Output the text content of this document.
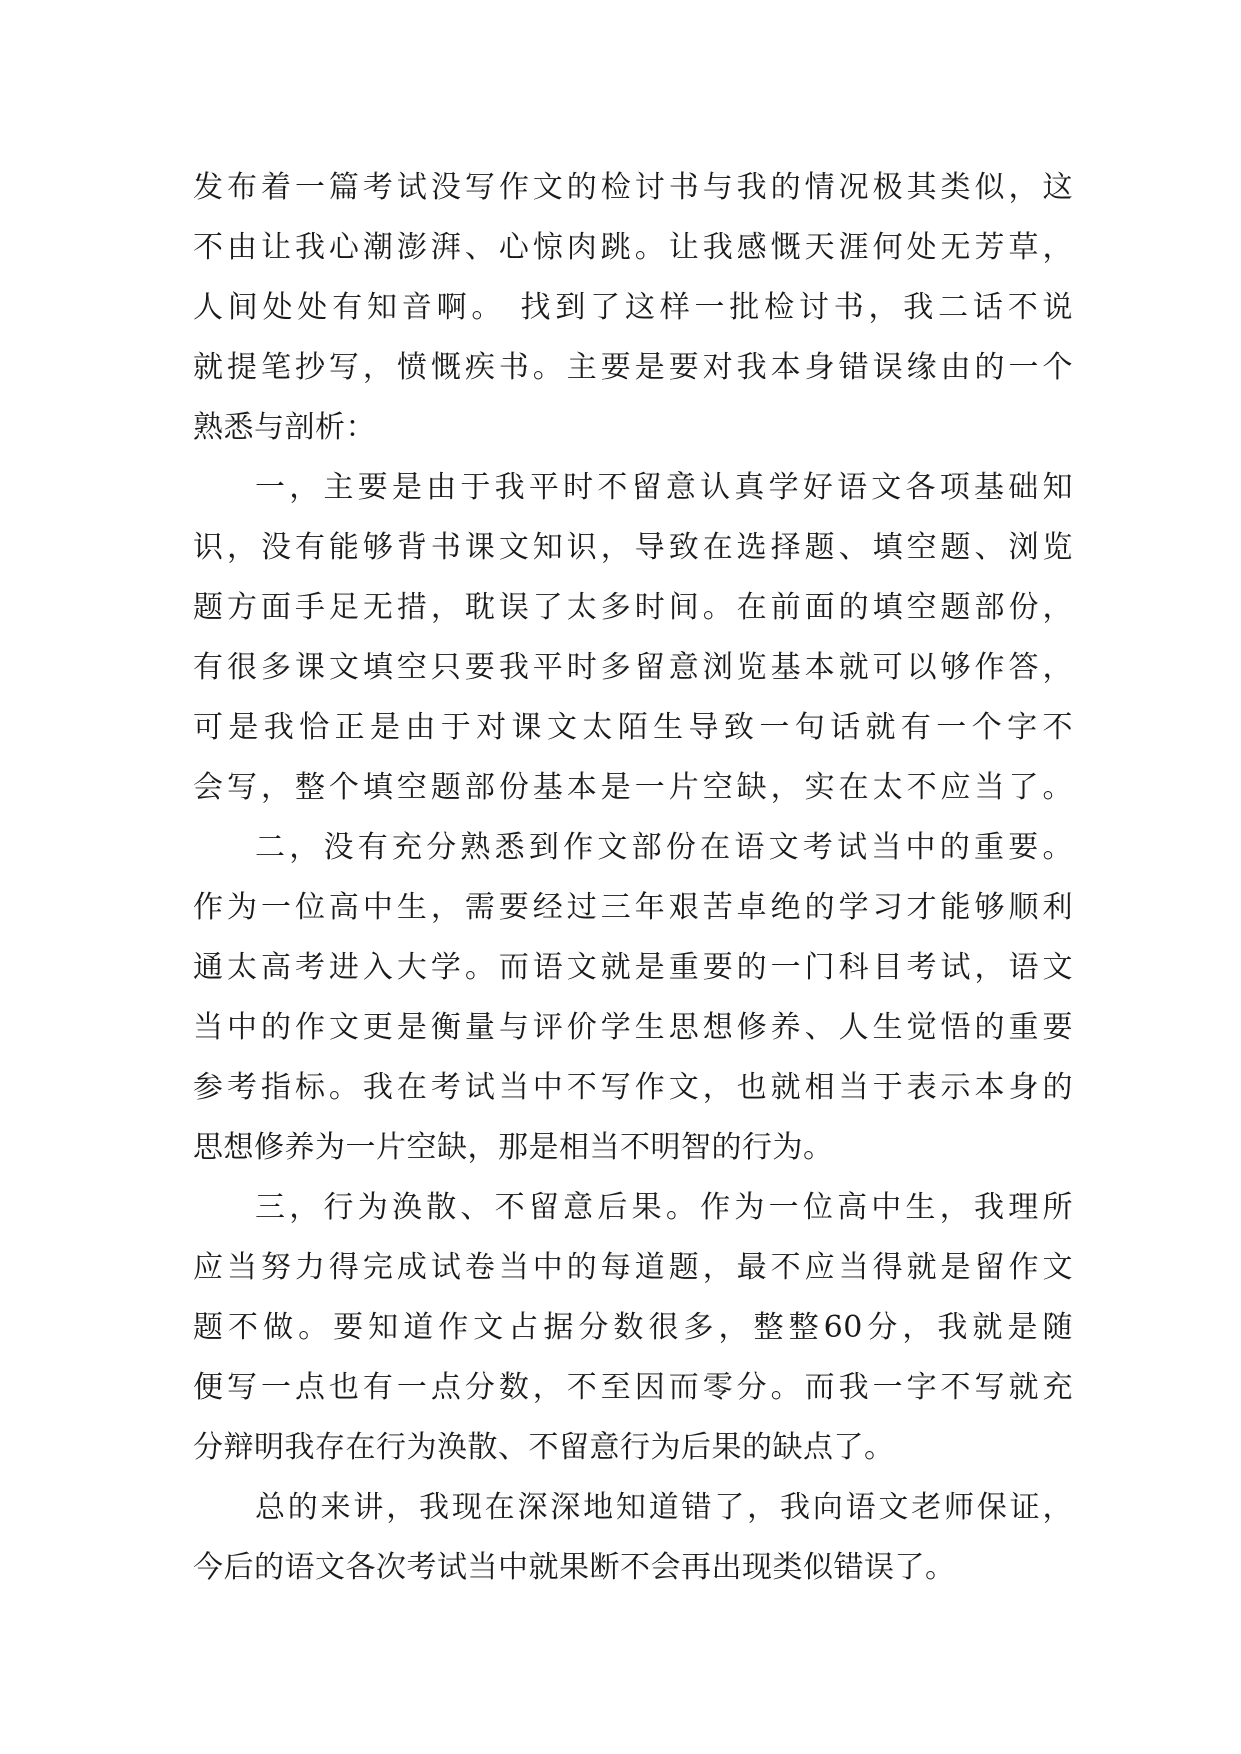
发布着一篇考试没写作文的检讨书与我的情况极其类似，这
不由让我心潮澎湃、心惊肉跳。让我感慨天涯何处无芳草，
人间处处有知音啊。 找到了这样一批检讨书，我二话不说
就提笔抄写，愤慨疾书。主要是要对我本身错误缘由的一个
熟悉与剖析：
一，主要是由于我平时不留意认真学好语文各项基础知
识，没有能够背书课文知识，导致在选择题、填空题、浏览
题方面手足无措，耽误了太多时间。在前面的填空题部份，
有很多课文填空只要我平时多留意浏览基本就可以够作答，
可是我恰正是由于对课文太陌生导致一句话就有一个字不
会写，整个填空题部份基本是一片空缺，实在太不应当了。
二，没有充分熟悉到作文部份在语文考试当中的重要。
作为一位高中生，需要经过三年艰苦卓绝的学习才能够顺利
通太高考进入大学。而语文就是重要的一门科目考试，语文
当中的作文更是衡量与评价学生思想修养、人生觉悟的重要
参考指标。我在考试当中不写作文，也就相当于表示本身的
思想修养为一片空缺，那是相当不明智的行为。
三，行为涣散、不留意后果。作为一位高中生，我理所
应当努力得完成试卷当中的每道题，最不应当得就是留作文
题不做。要知道作文占据分数很多，整整60分，我就是随
便写一点也有一点分数，不至因而零分。而我一字不写就充
分辩明我存在行为涣散、不留意行为后果的缺点了。
总的来讲，我现在深深地知道错了，我向语文老师保证，
今后的语文各次考试当中就果断不会再出现类似错误了。
